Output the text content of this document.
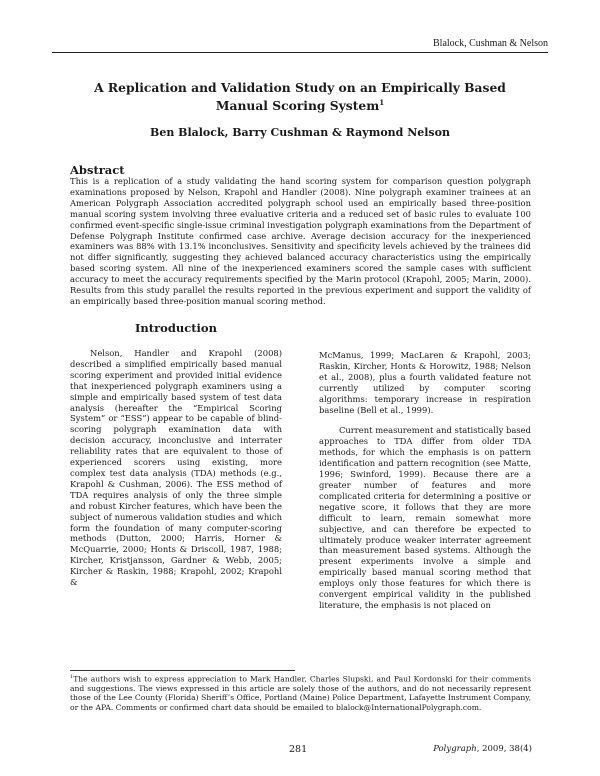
Blalock, Cushman & Nelson
A Replication and Validation Study on an Empirically Based
Manual Scoring System$^1$
Ben Blalock, Barry Cushman & Raymond Nelson
Abstract
This is a replication of a study validating the hand scoring system for comparison question polygraph examinations proposed by Nelson, Krapohl and Handler (2008). Nine polygraph examiner trainees at an American Polygraph Association accredited polygraph school used an empirically based three-position manual scoring system involving three evaluative criteria and a reduced set of basic rules to evaluate 100 confirmed event-specific single-issue criminal investigation polygraph examinations from the Department of Defense Polygraph Institute confirmed case archive. Average decision accuracy for the inexperienced examiners was 88% with 13.1% inconclusives. Sensitivity and specificity levels achieved by the trainees did not differ significantly, suggesting they achieved balanced accuracy characteristics using the empirically based scoring system. All nine of the inexperienced examiners scored the sample cases with sufficient accuracy to meet the accuracy requirements specified by the Marin protocol (Krapohl, 2005; Marin, 2000). Results from this study parallel the results reported in the previous experiment and support the validity of an empirically based three-position manual scoring method.
Introduction

Nelson, Handler and Krapohl (2008) described a simplified empirically based manual scoring experiment and provided initial evidence that inexperienced polygraph examiners using a simple and empirically based system of test data analysis (hereafter the “Empirical Scoring System” or “ESS”) appear to be capable of blind-scoring polygraph examination data with decision accuracy, inconclusive and interrater reliability rates that are equivalent to those of experienced scorers using existing, more complex test data analysis (TDA) methods (e.g., Krapohl & Cushman, 2006). The ESS method of TDA requires analysis of only the three simple and robust Kircher features, which have been the subject of numerous validation studies and which form the foundation of many computer-scoring methods (Dutton, 2000; Harris, Horner & McQuarrie, 2000; Honts & Driscoll, 1987, 1988; Kircher, Kristjansson, Gardner & Webb, 2005; Kircher & Raskin, 1988; Krapohl, 2002; Krapohl &

McManus, 1999; MacLaren & Krapohl, 2003; Raskin, Kircher, Honts & Horowitz, 1988; Nelson et al., 2008), plus a fourth validated feature not currently utilized by computer scoring algorithms: temporary increase in respiration baseline (Bell et al., 1999).

Current measurement and statistically based approaches to TDA differ from older TDA methods, for which the emphasis is on pattern identification and pattern recognition (see Matte, 1996; Swinford, 1999). Because there are a greater number of features and more complicated criteria for determining a positive or negative score, it follows that they are more difficult to learn, remain somewhat more subjective, and can therefore be expected to ultimately produce weaker interrater agreement than measurement based systems. Although the present experiments involve a simple and empirically based manual scoring method that employs only those features for which there is convergent empirical validity in the published literature, the emphasis is not placed on

$^1$The authors wish to express appreciation to Mark Handler, Charles Slupski, and Paul Kordonski for their comments and suggestions. The views expressed in this article are solely those of the authors, and do not necessarily represent those of the Lee County (Florida) Sheriff’s Office, Portland (Maine) Police Department, Lafayette Instrument Company, or the APA. Comments or confirmed chart data should be emailed to blalock@InternationalPolygraph.com.
281	Polygraph, 2009, 38(4)
